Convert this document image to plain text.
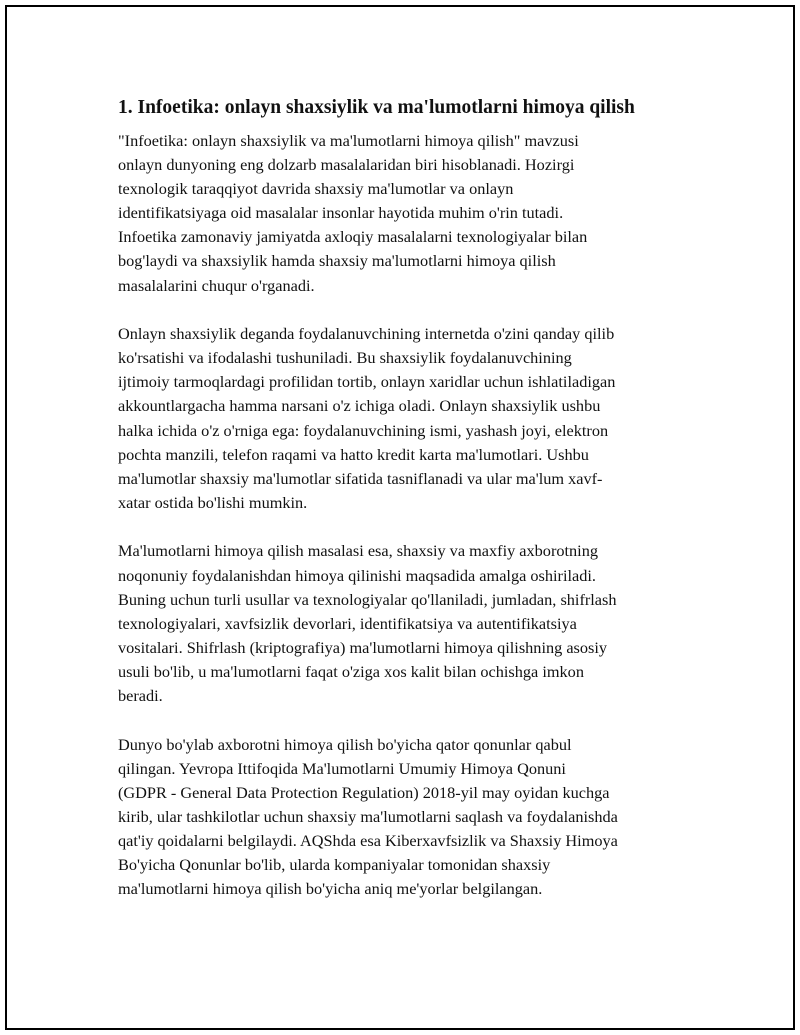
1. Infoetika: onlayn shaxsiylik va ma'lumotlarni himoya qilish
"Infoetika: onlayn shaxsiylik va ma'lumotlarni himoya qilish" mavzusi
onlayn dunyoning eng dolzarb masalalaridan biri hisoblanadi. Hozirgi
texnologik taraqqiyot davrida shaxsiy ma'lumotlar va onlayn
identifikatsiyaga oid masalalar insonlar hayotida muhim o'rin tutadi.
Infoetika zamonaviy jamiyatda axloqiy masalalarni texnologiyalar bilan
bog'laydi va shaxsiylik hamda shaxsiy ma'lumotlarni himoya qilish
masalalarini chuqur o'rganadi.
Onlayn shaxsiylik deganda foydalanuvchining internetda o'zini qanday qilib
ko'rsatishi va ifodalashi tushuniladi. Bu shaxsiylik foydalanuvchining
ijtimoiy tarmoqlardagi profilidan tortib, onlayn xaridlar uchun ishlatiladigan
akkountlargacha hamma narsani o'z ichiga oladi. Onlayn shaxsiylik ushbu
halka ichida o'z o'rniga ega: foydalanuvchining ismi, yashash joyi, elektron
pochta manzili, telefon raqami va hatto kredit karta ma'lumotlari. Ushbu
ma'lumotlar shaxsiy ma'lumotlar sifatida tasniflanadi va ular ma'lum xavf-
xatar ostida bo'lishi mumkin.
Ma'lumotlarni himoya qilish masalasi esa, shaxsiy va maxfiy axborotning
noqonuniy foydalanishdan himoya qilinishi maqsadida amalga oshiriladi.
Buning uchun turli usullar va texnologiyalar qo'llaniladi, jumladan, shifrlash
texnologiyalari, xavfsizlik devorlari, identifikatsiya va autentifikatsiya
vositalari. Shifrlash (kriptografiya) ma'lumotlarni himoya qilishning asosiy
usuli bo'lib, u ma'lumotlarni faqat o'ziga xos kalit bilan ochishga imkon
beradi.
Dunyo bo'ylab axborotni himoya qilish bo'yicha qator qonunlar qabul
qilingan. Yevropa Ittifoqida Ma'lumotlarni Umumiy Himoya Qonuni
(GDPR - General Data Protection Regulation) 2018-yil may oyidan kuchga
kirib, ular tashkilotlar uchun shaxsiy ma'lumotlarni saqlash va foydalanishda
qat'iy qoidalarni belgilaydi. AQShda esa Kiberxavfsizlik va Shaxsiy Himoya
Bo'yicha Qonunlar bo'lib, ularda kompaniyalar tomonidan shaxsiy
ma'lumotlarni himoya qilish bo'yicha aniq me'yorlar belgilangan.
